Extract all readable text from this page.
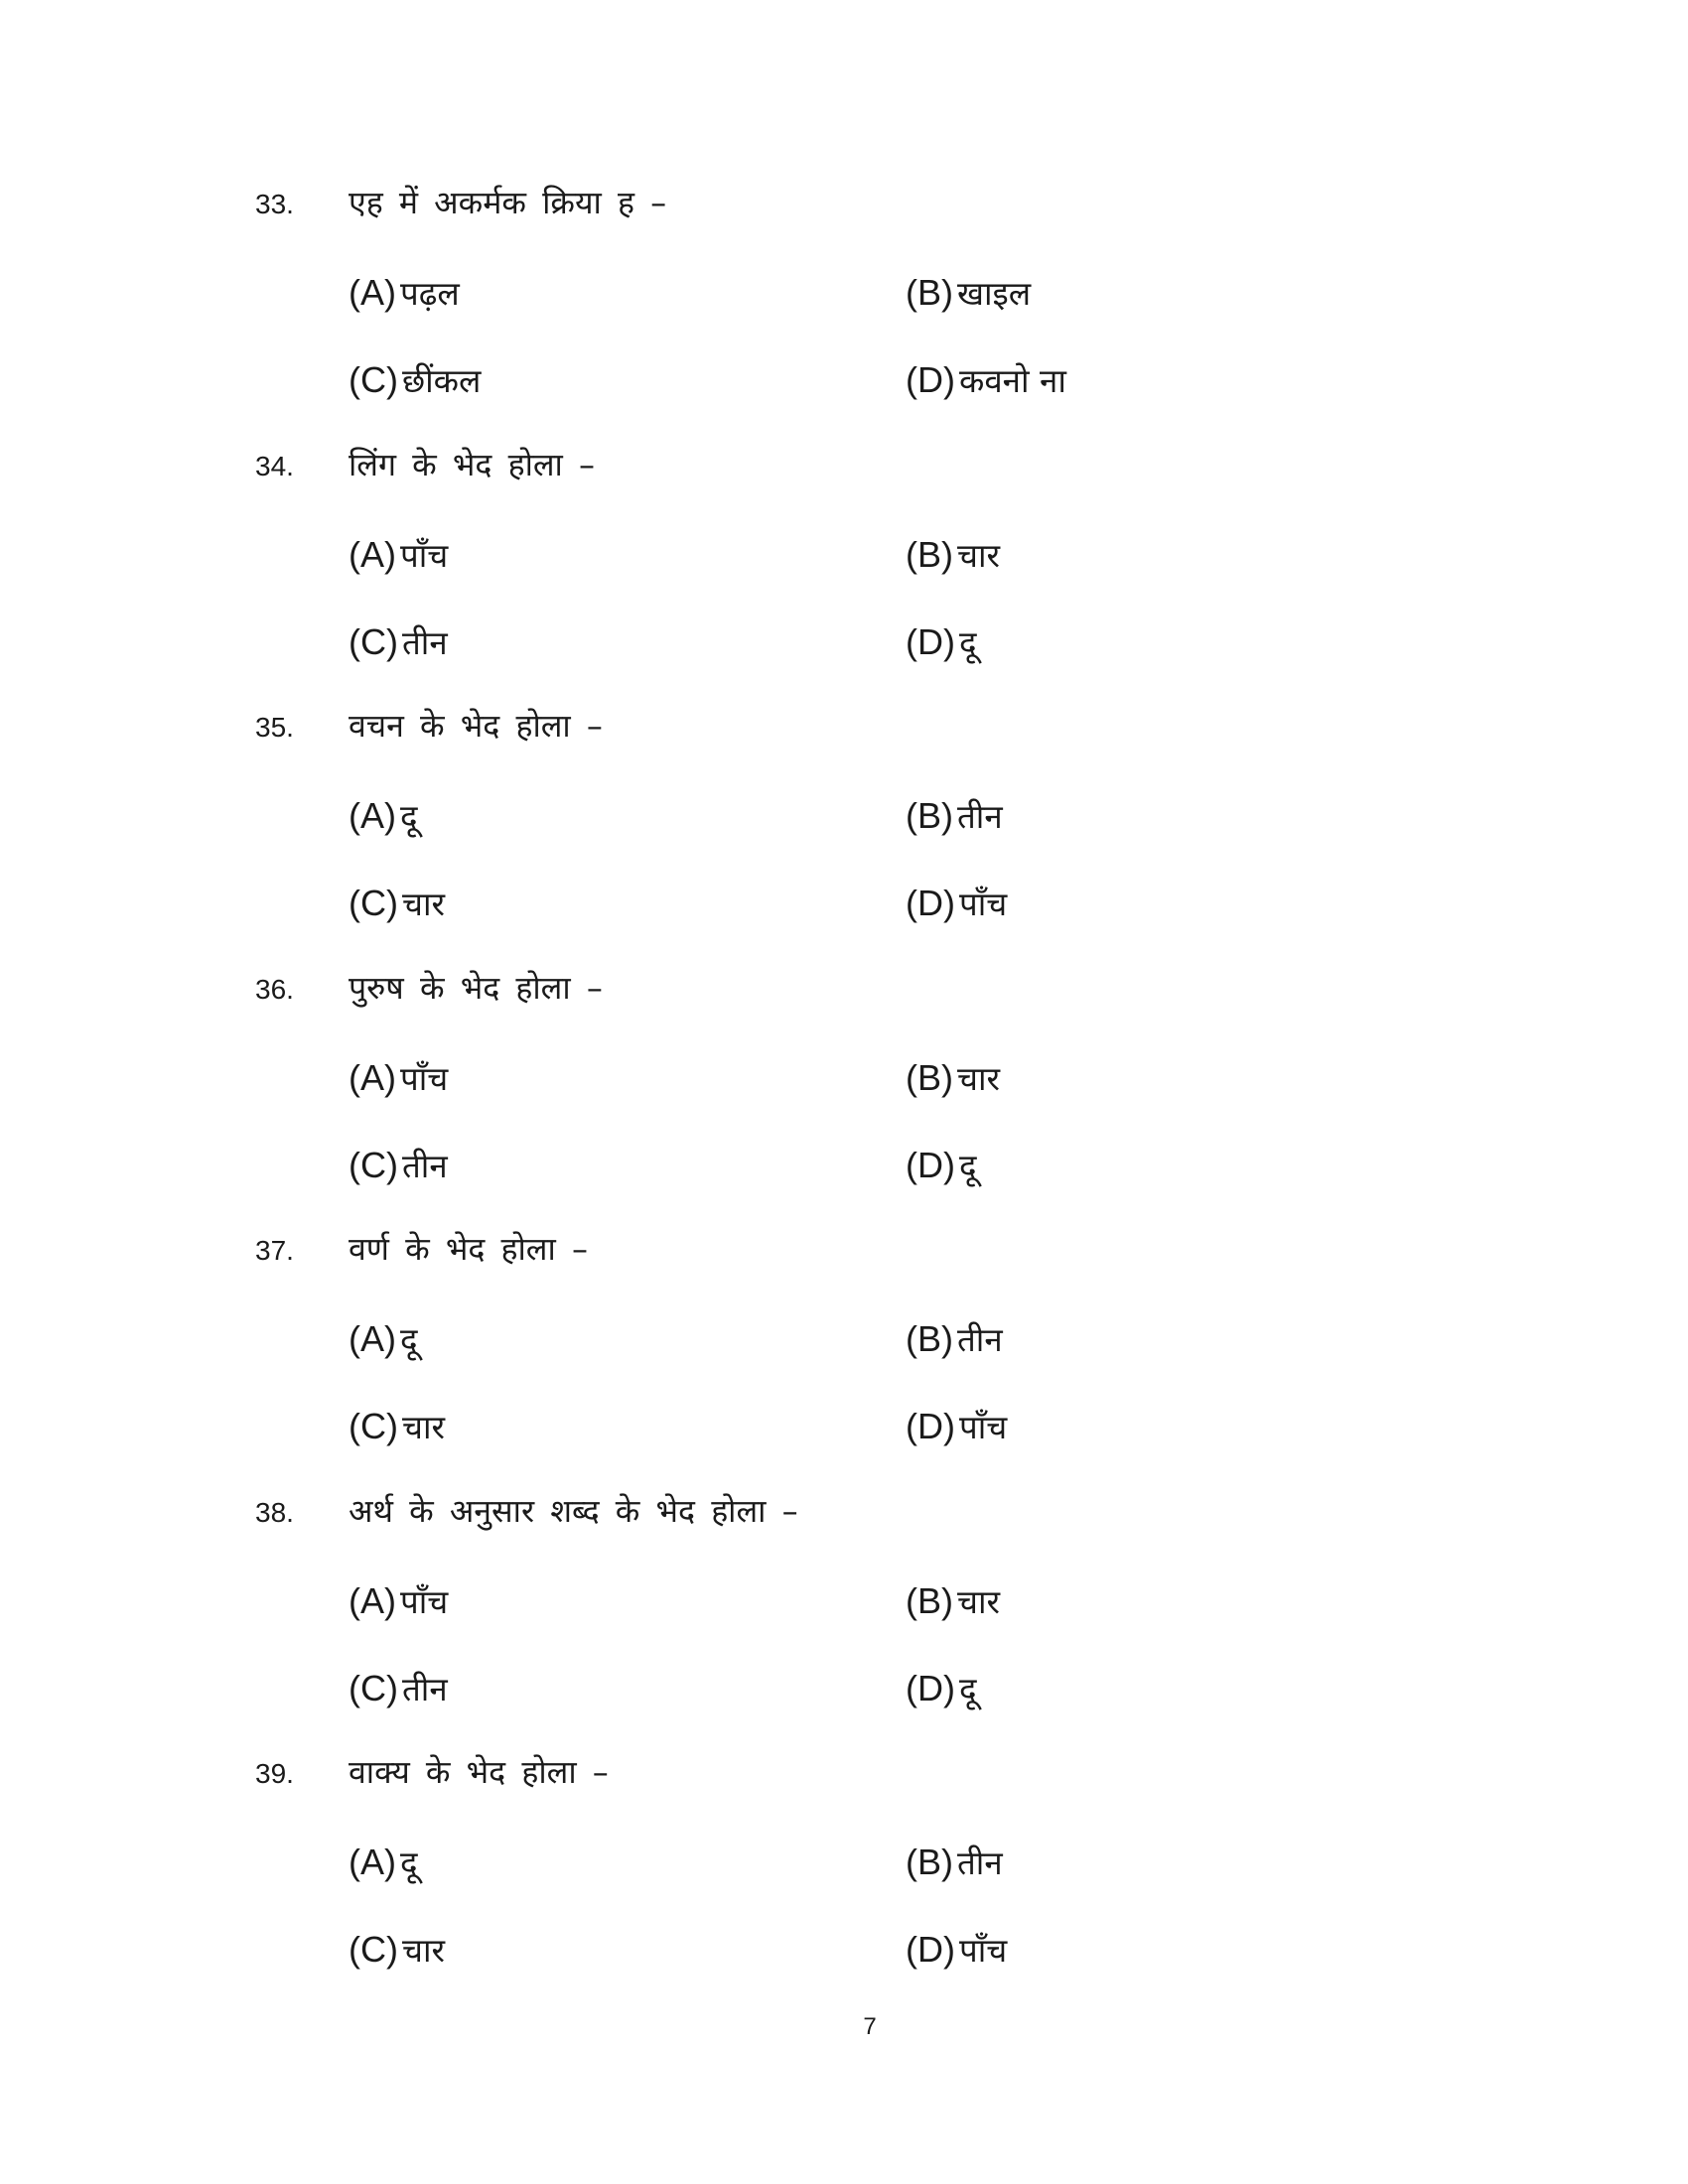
33. एह में अकर्मक क्रिया ह –
(A) पढ़ल	(B) खाइल
(C) छींकल	(D) कवनो ना
34. लिंग के भेद होला –
(A) पाँच	(B) चार
(C) तीन	(D) दू
35. वचन के भेद होला –
(A) दू	(B) तीन
(C) चार	(D) पाँच
36. पुरुष के भेद होला –
(A) पाँच	(B) चार
(C) तीन	(D) दू
37. वर्ण के भेद होला –
(A) दू	(B) तीन
(C) चार	(D) पाँच
38. अर्थ के अनुसार शब्द के भेद होला –
(A) पाँच	(B) चार
(C) तीन	(D) दू
39. वाक्य के भेद होला –
(A) दू	(B) तीन
(C) चार	(D) पाँच
7
